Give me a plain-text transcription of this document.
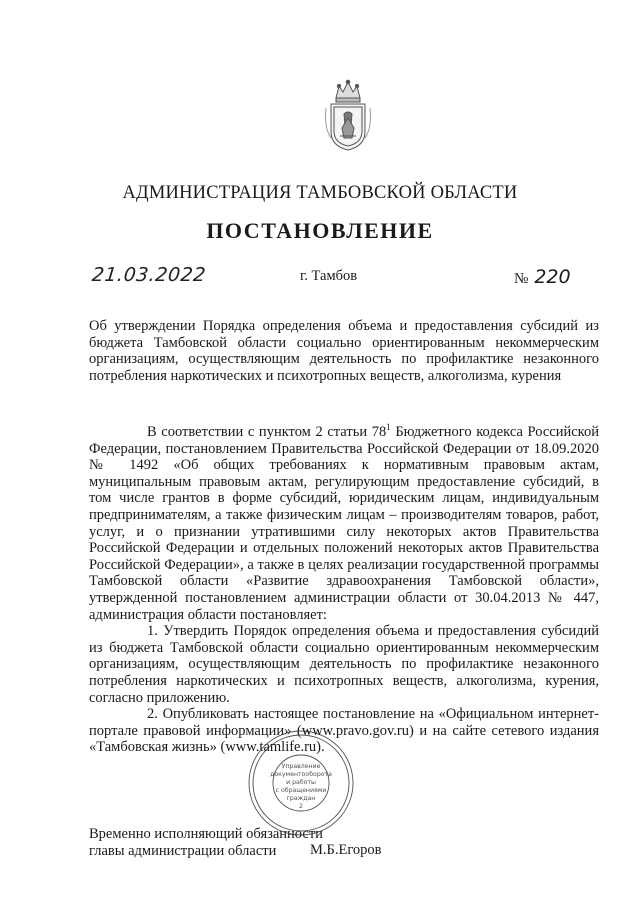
АДМИНИСТРАЦИЯ ТАМБОВСКОЙ ОБЛАСТИ
ПОСТАНОВЛЕНИЕ
21.03.2022	г. Тамбов	№ 220
Об утверждении Порядка определения объема и предоставления субсидий из бюджета Тамбовской области социально ориентированным некоммерческим организациям, осуществляющим деятельность по профилактике незаконного потребления наркотических и психотропных веществ, алкоголизма, курения

В соответствии с пунктом 2 статьи $78^1$ Бюджетного кодекса Российской Федерации, постановлением Правительства Российской Федерации от 18.09.2020 № 1492 «Об общих требованиях к нормативным правовым актам, муниципальным правовым актам, регулирующим предоставление субсидий, в том числе грантов в форме субсидий, юридическим лицам, индивидуальным предпринимателям, а также физическим лицам – производителям товаров, работ, услуг, и о признании утратившими силу некоторых актов Правительства Российской Федерации и отдельных положений некоторых актов Правительства Российской Федерации», а также в целях реализации государственной программы Тамбовской области «Развитие здравоохранения Тамбовской области», утвержденной постановлением администрации области от 30.04.2013 № 447, администрация области постановляет:

1. Утвердить Порядок определения объема и предоставления субсидий из бюджета Тамбовской области социально ориентированным некоммерческим организациям, осуществляющим деятельность по профилактике незаконного потребления наркотических и психотропных веществ, алкоголизма, курения, согласно приложению.

2. Опубликовать настоящее постановление на «Официальном интернет-портале правовой информации» (www.pravo.gov.ru) и на сайте сетевого издания «Тамбовская жизнь» (www.tamlife.ru).

Временно исполняющий обязанности
главы администрации области	М.Б.Егоров
Управление
документооборота
и работы
с обращениями
граждан
2
